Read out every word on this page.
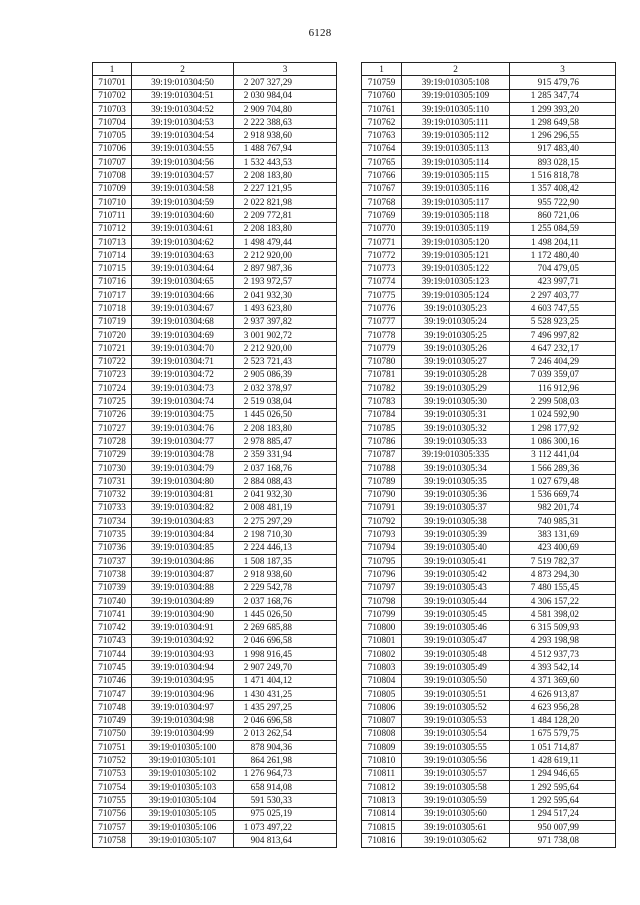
6128
1	2	3
710701	39:19:010304:50	2 207 327,29
710702	39:19:010304:51	2 030 984,04
710703	39:19:010304:52	2 909 704,80
710704	39:19:010304:53	2 222 388,63
710705	39:19:010304:54	2 918 938,60
710706	39:19:010304:55	1 488 767,94
710707	39:19:010304:56	1 532 443,53
710708	39:19:010304:57	2 208 183,80
710709	39:19:010304:58	2 227 121,95
710710	39:19:010304:59	2 022 821,98
710711	39:19:010304:60	2 209 772,81
710712	39:19:010304:61	2 208 183,80
710713	39:19:010304:62	1 498 479,44
710714	39:19:010304:63	2 212 920,00
710715	39:19:010304:64	2 897 987,36
710716	39:19:010304:65	2 193 972,57
710717	39:19:010304:66	2 041 932,30
710718	39:19:010304:67	1 493 623,80
710719	39:19:010304:68	2 937 397,82
710720	39:19:010304:69	3 001 902,72
710721	39:19:010304:70	2 212 920,00
710722	39:19:010304:71	2 523 721,43
710723	39:19:010304:72	2 905 086,39
710724	39:19:010304:73	2 032 378,97
710725	39:19:010304:74	2 519 038,04
710726	39:19:010304:75	1 445 026,50
710727	39:19:010304:76	2 208 183,80
710728	39:19:010304:77	2 978 885,47
710729	39:19:010304:78	2 359 331,94
710730	39:19:010304:79	2 037 168,76
710731	39:19:010304:80	2 884 088,43
710732	39:19:010304:81	2 041 932,30
710733	39:19:010304:82	2 008 481,19
710734	39:19:010304:83	2 275 297,29
710735	39:19:010304:84	2 198 710,30
710736	39:19:010304:85	2 224 446,13
710737	39:19:010304:86	1 508 187,35
710738	39:19:010304:87	2 918 938,60
710739	39:19:010304:88	2 229 542,78
710740	39:19:010304:89	2 037 168,76
710741	39:19:010304:90	1 445 026,50
710742	39:19:010304:91	2 269 685,88
710743	39:19:010304:92	2 046 696,58
710744	39:19:010304:93	1 998 916,45
710745	39:19:010304:94	2 907 249,70
710746	39:19:010304:95	1 471 404,12
710747	39:19:010304:96	1 430 431,25
710748	39:19:010304:97	1 435 297,25
710749	39:19:010304:98	2 046 696,58
710750	39:19:010304:99	2 013 262,54
710751	39:19:010305:100	878 904,36
710752	39:19:010305:101	864 261,98
710753	39:19:010305:102	1 276 964,73
710754	39:19:010305:103	658 914,08
710755	39:19:010305:104	591 530,33
710756	39:19:010305:105	975 025,19
710757	39:19:010305:106	1 073 497,22
710758	39:19:010305:107	904 813,64
1	2	3
710759	39:19:010305:108	915 479,76
710760	39:19:010305:109	1 285 347,74
710761	39:19:010305:110	1 299 393,20
710762	39:19:010305:111	1 298 649,58
710763	39:19:010305:112	1 296 296,55
710764	39:19:010305:113	917 483,40
710765	39:19:010305:114	893 028,15
710766	39:19:010305:115	1 516 818,78
710767	39:19:010305:116	1 357 408,42
710768	39:19:010305:117	955 722,90
710769	39:19:010305:118	860 721,06
710770	39:19:010305:119	1 255 084,59
710771	39:19:010305:120	1 498 204,11
710772	39:19:010305:121	1 172 480,40
710773	39:19:010305:122	704 479,05
710774	39:19:010305:123	423 997,71
710775	39:19:010305:124	2 297 403,77
710776	39:19:010305:23	4 603 747,55
710777	39:19:010305:24	5 528 923,25
710778	39:19:010305:25	7 496 997,82
710779	39:19:010305:26	4 647 232,17
710780	39:19:010305:27	7 246 404,29
710781	39:19:010305:28	7 039 359,07
710782	39:19:010305:29	116 912,96
710783	39:19:010305:30	2 299 508,03
710784	39:19:010305:31	1 024 592,90
710785	39:19:010305:32	1 298 177,92
710786	39:19:010305:33	1 086 300,16
710787	39:19:010305:335	3 112 441,04
710788	39:19:010305:34	1 566 289,36
710789	39:19:010305:35	1 027 679,48
710790	39:19:010305:36	1 536 669,74
710791	39:19:010305:37	982 201,74
710792	39:19:010305:38	740 985,31
710793	39:19:010305:39	383 131,69
710794	39:19:010305:40	423 400,69
710795	39:19:010305:41	7 519 782,37
710796	39:19:010305:42	4 873 294,30
710797	39:19:010305:43	7 480 155,45
710798	39:19:010305:44	4 306 157,22
710799	39:19:010305:45	4 581 398,02
710800	39:19:010305:46	6 315 509,93
710801	39:19:010305:47	4 293 198,98
710802	39:19:010305:48	4 512 937,73
710803	39:19:010305:49	4 393 542,14
710804	39:19:010305:50	4 371 369,60
710805	39:19:010305:51	4 626 913,87
710806	39:19:010305:52	4 623 956,28
710807	39:19:010305:53	1 484 128,20
710808	39:19:010305:54	1 675 579,75
710809	39:19:010305:55	1 051 714,87
710810	39:19:010305:56	1 428 619,11
710811	39:19:010305:57	1 294 946,65
710812	39:19:010305:58	1 292 595,64
710813	39:19:010305:59	1 292 595,64
710814	39:19:010305:60	1 294 517,24
710815	39:19:010305:61	950 007,99
710816	39:19:010305:62	971 738,08
